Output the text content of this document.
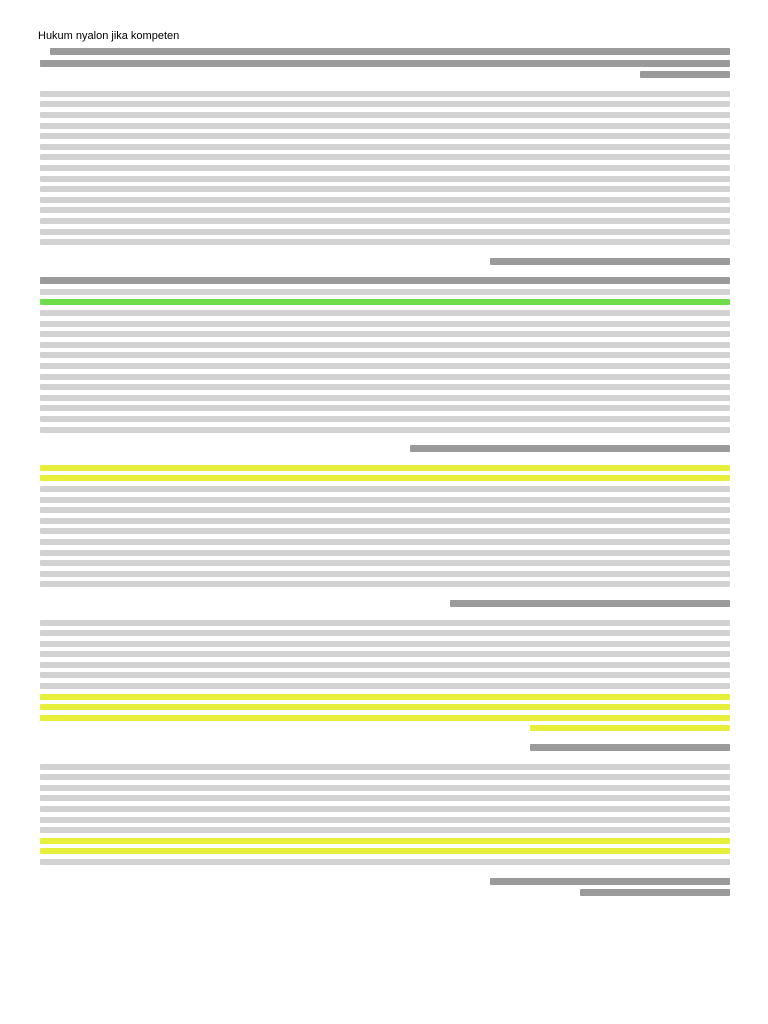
Hukum nyalon jika kompeten
